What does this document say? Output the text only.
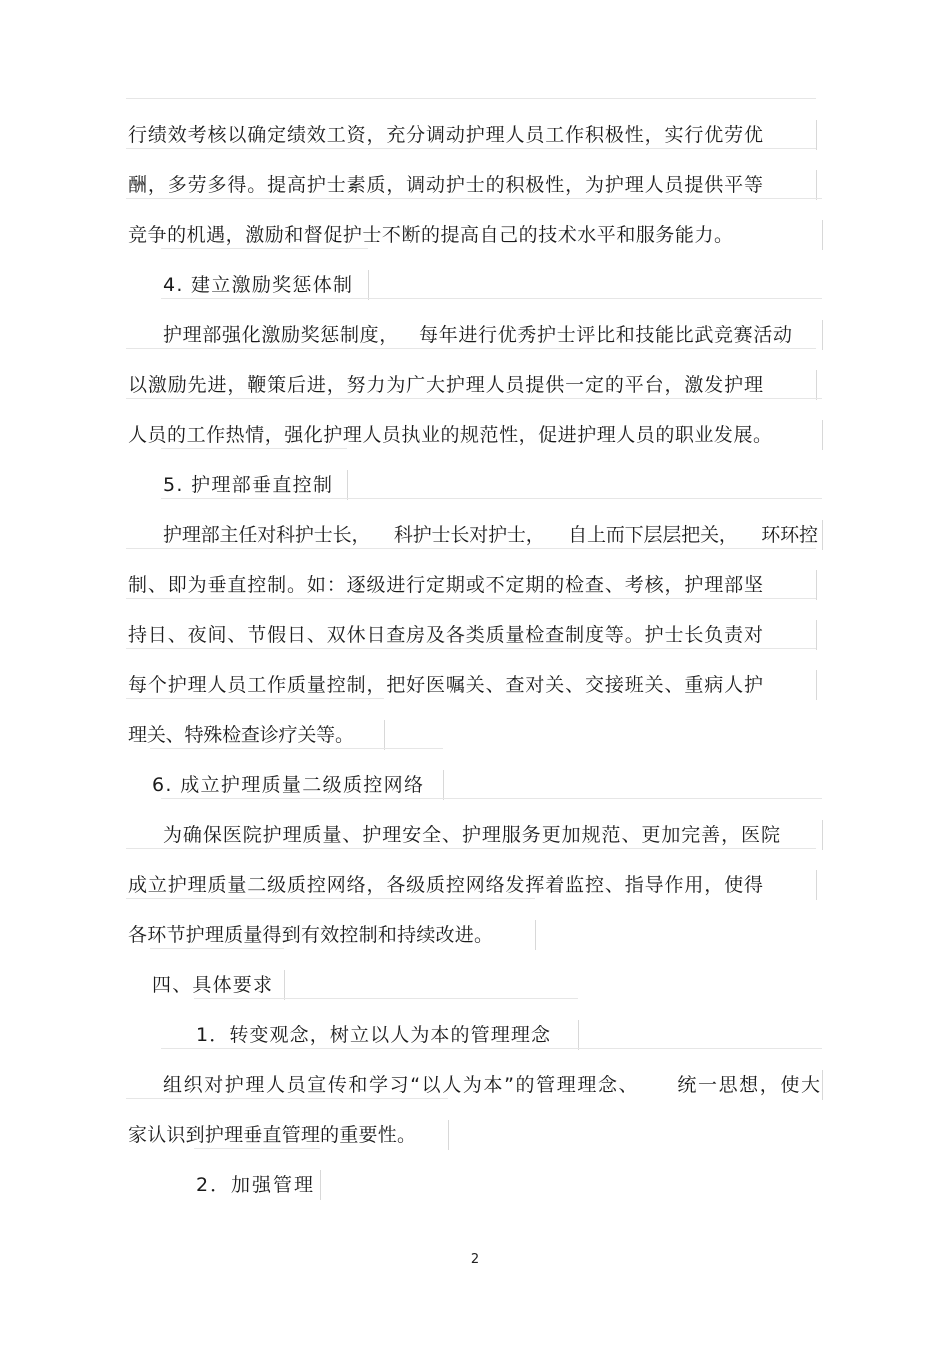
行绩效考核以确定绩效工资，充分调动护理人员工作积极性，实行优劳优
酬，多劳多得。提高护士素质，调动护士的积极性，为护理人员提供平等
竞争的机遇，激励和督促护士不断的提高自己的技术水平和服务能力。
4. 建立激励奖惩体制
护理部强化激励奖惩制度，   每年进行优秀护士评比和技能比武竞赛活动
以激励先进，鞭策后进，努力为广大护理人员提供一定的平台，激发护理
人员的工作热情，强化护理人员执业的规范性，促进护理人员的职业发展。
5. 护理部垂直控制
护理部主任对科护士长，    科护士长对护士，    自上而下层层把关，    环环控
制、即为垂直控制。如：逐级进行定期或不定期的检查、考核，护理部坚
持日、夜间、节假日、双休日查房及各类质量检查制度等。护士长负责对
每个护理人员工作质量控制，把好医嘱关、查对关、交接班关、重病人护
理关、特殊检查诊疗关等。
6. 成立护理质量二级质控网络
为确保医院护理质量、护理安全、护理服务更加规范、更加完善，医院
成立护理质量二级质控网络，各级质控网络发挥着监控、指导作用，使得
各环节护理质量得到有效控制和持续改进。
四、具体要求
1．转变观念，树立以人为本的管理理念
组织对护理人员宣传和学习“以人为本”的管理理念、     统一思想，使大
家认识到护理垂直管理的重要性。
2．加强管理
2
